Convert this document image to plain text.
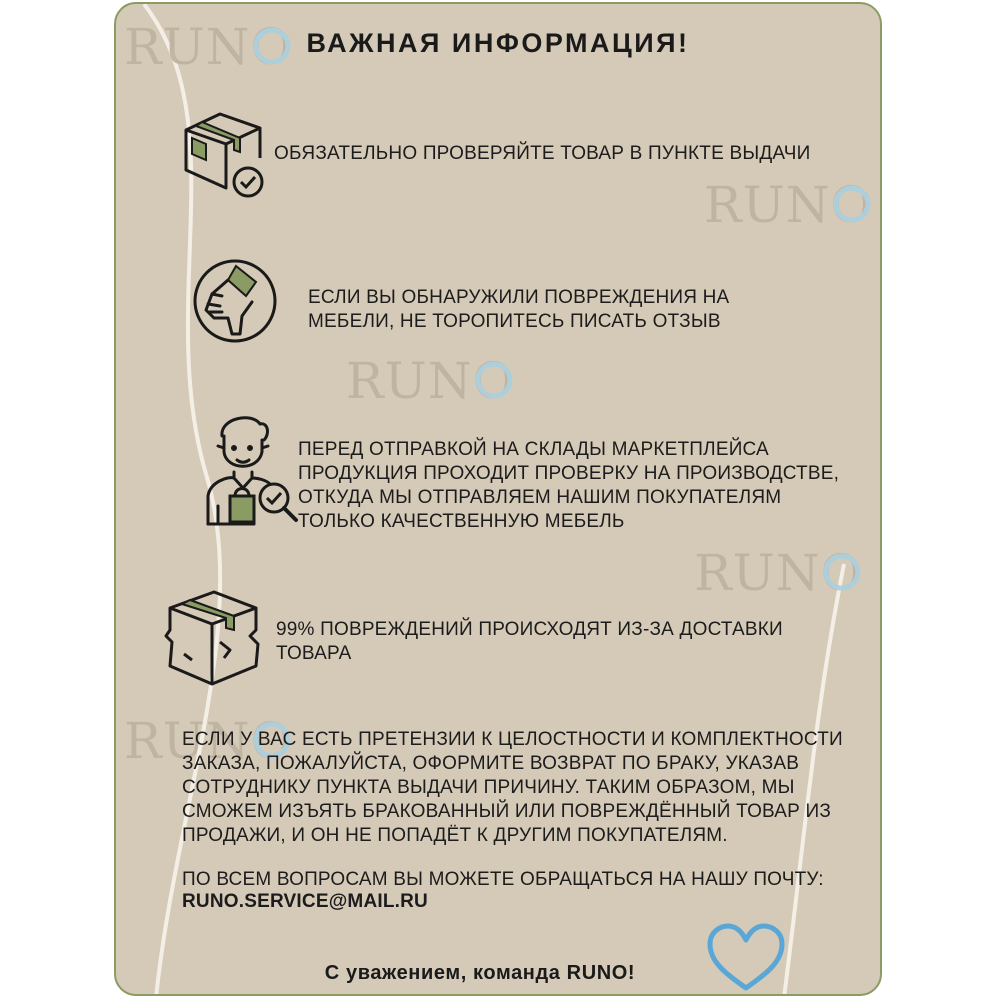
RUNO
RUNO
RUNO
RUNO
RUNO
ВАЖНАЯ ИНФОРМАЦИЯ!
ОБЯЗАТЕЛЬНО ПРОВЕРЯЙТЕ ТОВАР В ПУНКТЕ ВЫДАЧИ
ЕСЛИ ВЫ ОБНАРУЖИЛИ ПОВРЕЖДЕНИЯ НА
МЕБЕЛИ, НЕ ТОРОПИТЕСЬ ПИСАТЬ ОТЗЫВ
ПЕРЕД ОТПРАВКОЙ НА СКЛАДЫ МАРКЕТПЛЕЙСА
ПРОДУКЦИЯ ПРОХОДИТ ПРОВЕРКУ НА ПРОИЗВОДСТВЕ,
ОТКУДА МЫ ОТПРАВЛЯЕМ НАШИМ ПОКУПАТЕЛЯМ
ТОЛЬКО КАЧЕСТВЕННУЮ МЕБЕЛЬ
99% ПОВРЕЖДЕНИЙ ПРОИСХОДЯТ ИЗ-ЗА ДОСТАВКИ
ТОВАРА
ЕСЛИ У ВАС ЕСТЬ ПРЕТЕНЗИИ К ЦЕЛОСТНОСТИ И КОМПЛЕКТНОСТИ
ЗАКАЗА, ПОЖАЛУЙСТА, ОФОРМИТЕ ВОЗВРАТ ПО БРАКУ, УКАЗАВ
СОТРУДНИКУ ПУНКТА ВЫДАЧИ ПРИЧИНУ. ТАКИМ ОБРАЗОМ, МЫ
СМОЖЕМ ИЗЪЯТЬ БРАКОВАННЫЙ ИЛИ ПОВРЕЖДЁННЫЙ ТОВАР ИЗ
ПРОДАЖИ, И ОН НЕ ПОПАДЁТ К ДРУГИМ ПОКУПАТЕЛЯМ.
ПО ВСЕМ ВОПРОСАМ ВЫ МОЖЕТЕ ОБРАЩАТЬСЯ НА НАШУ ПОЧТУ:
RUNO.SERVICE@MAIL.RU
С уважением, команда RUNO!
